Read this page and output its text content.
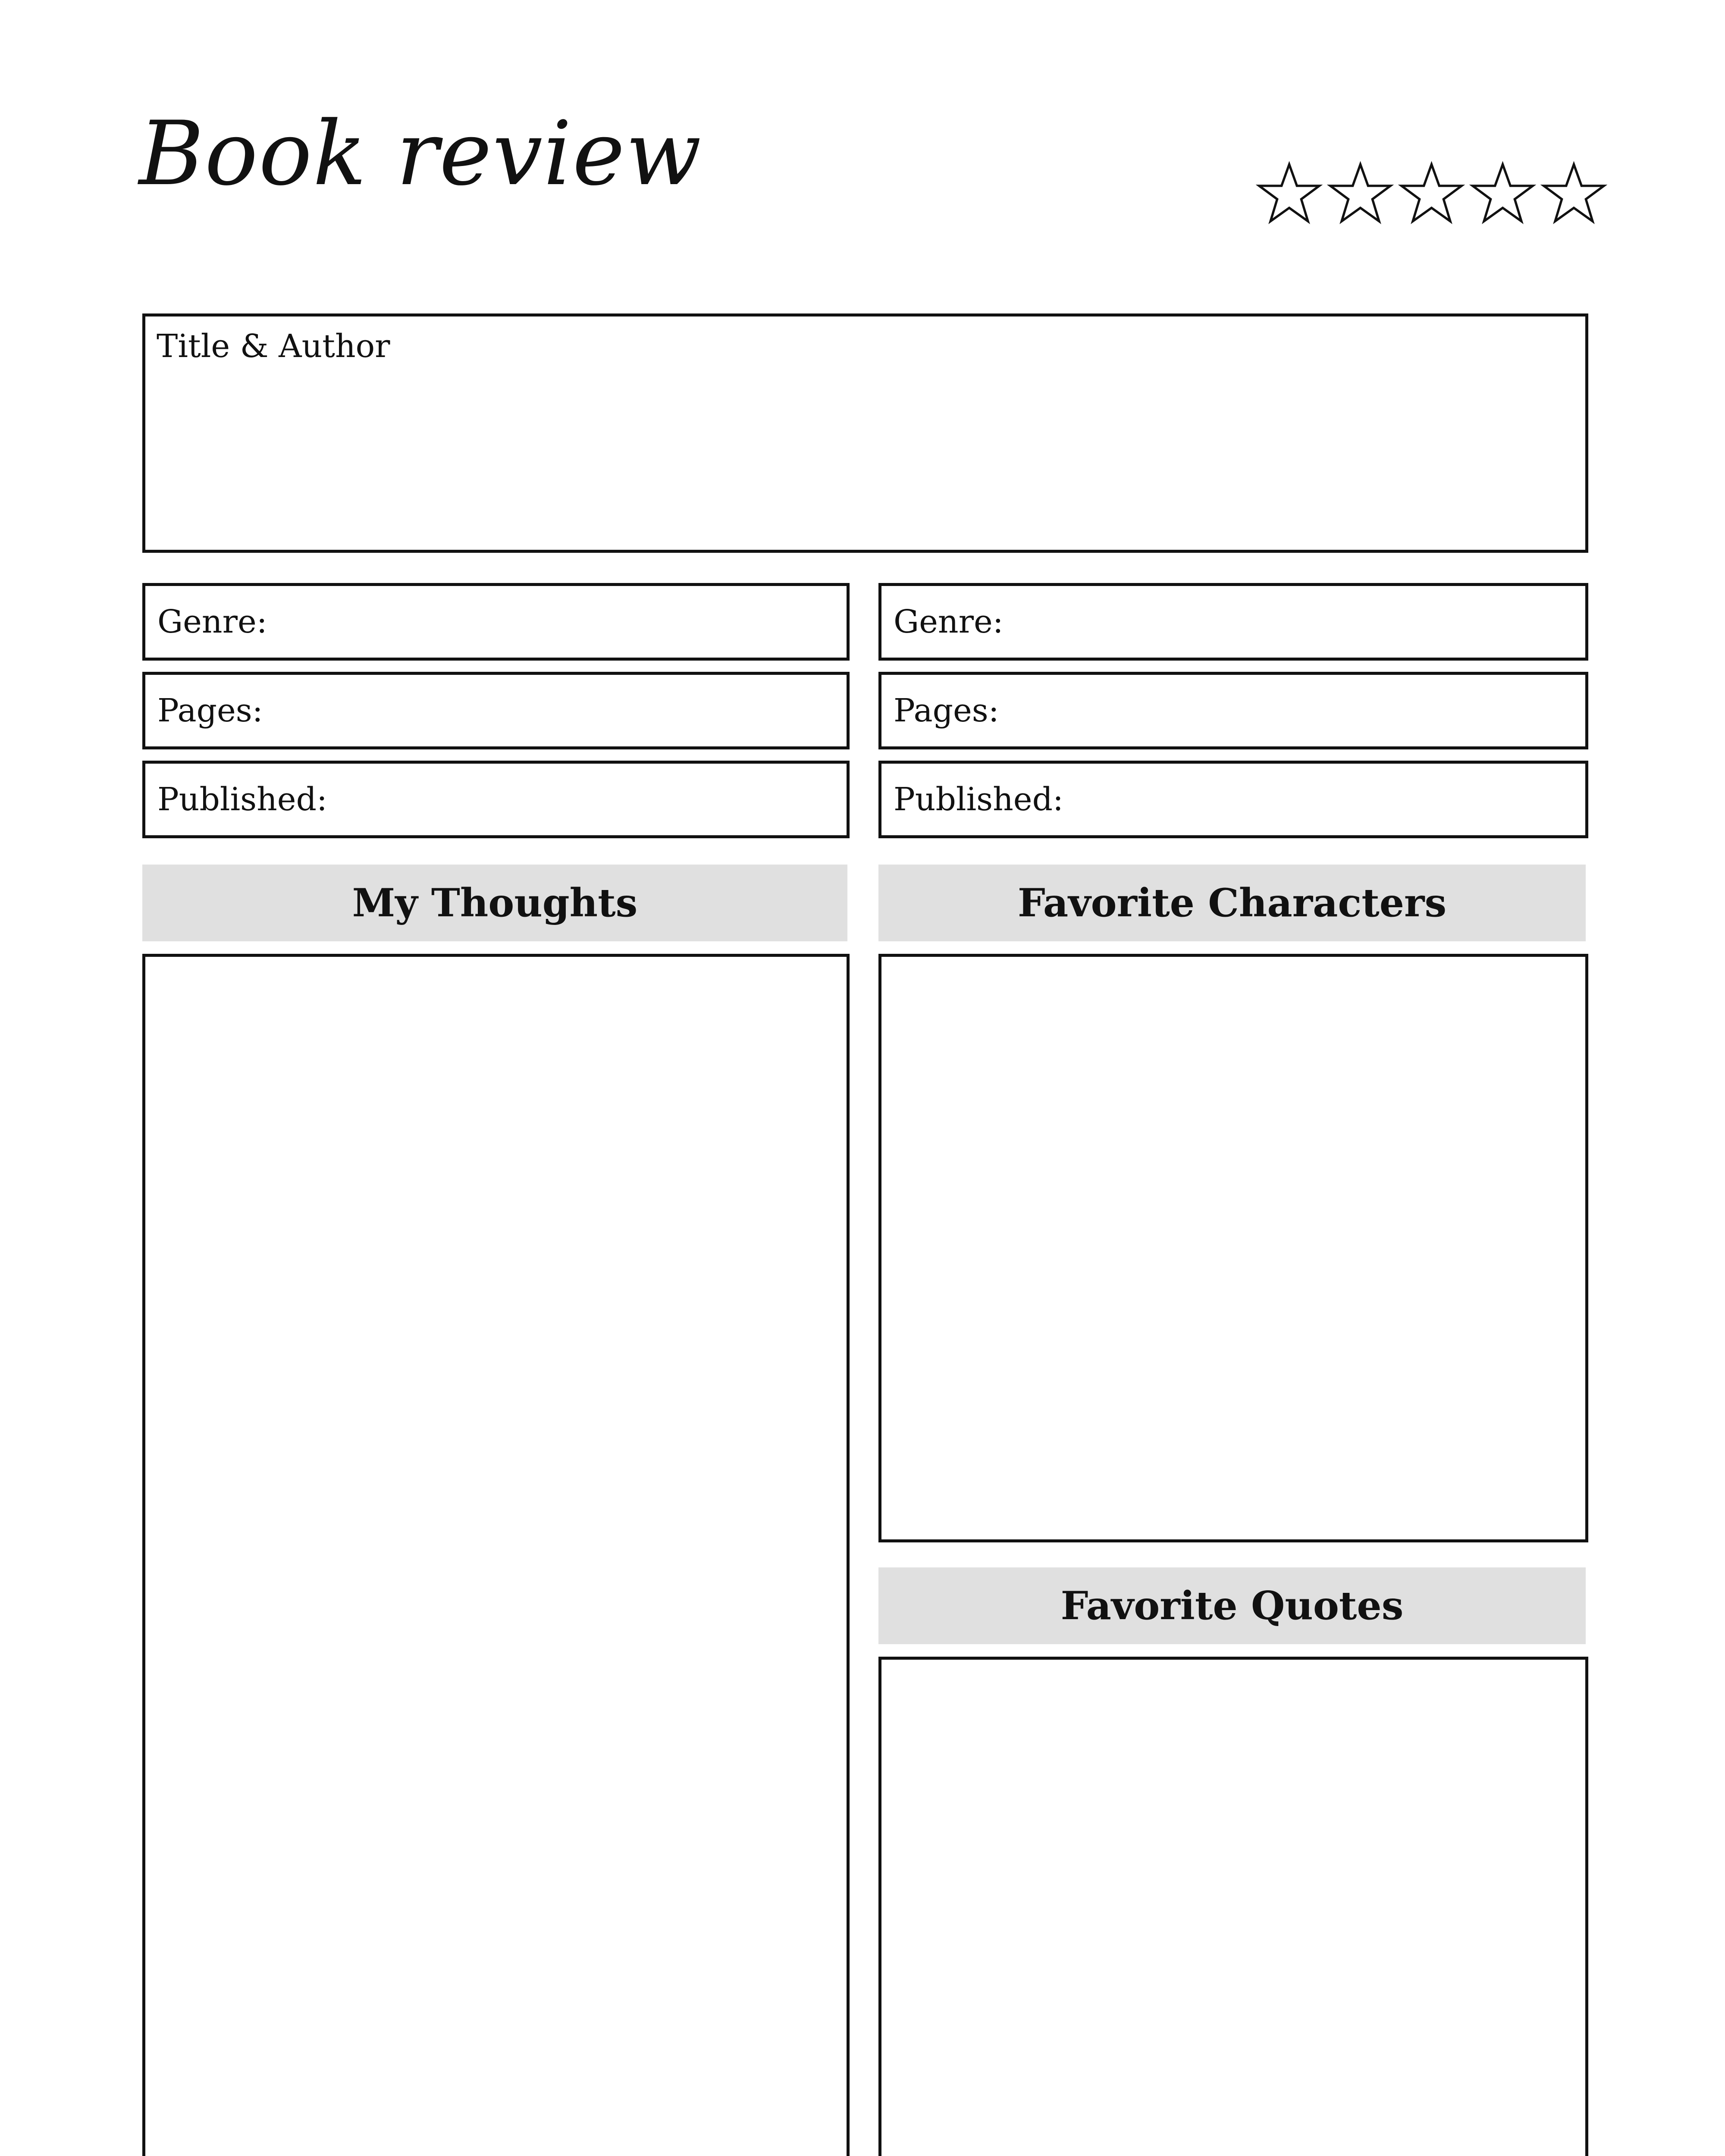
Book review
Title & Author
Genre:
Pages:
Published:
Genre:
Pages:
Published:
My Thoughts	Favorite Characters
Favorite Quotes
